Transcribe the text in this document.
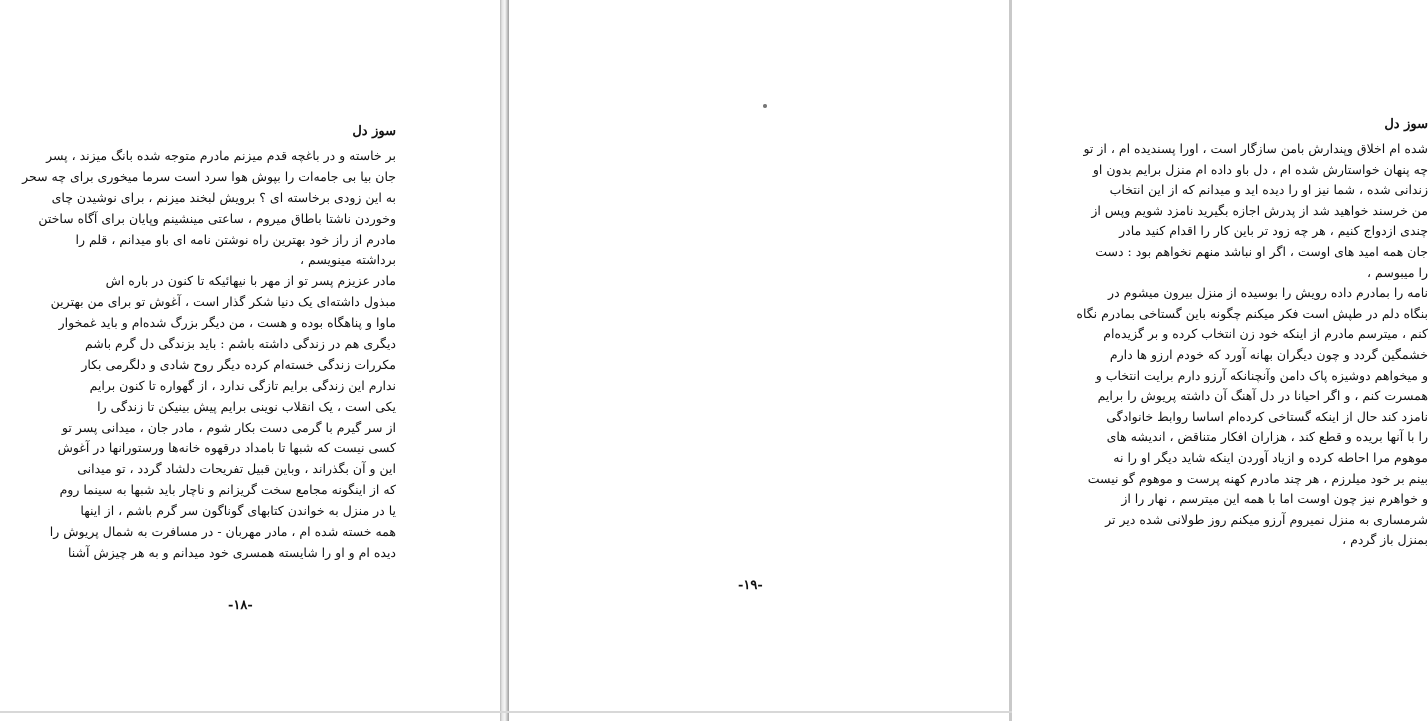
سوز دل
بر خاسته و در باغچه قدم میزنم مادرم متوجه شده بانگ میزند ، پسر
جان بیا بی جامه‌ات را بپوش هوا سرد است سرما میخوری برای چه سحر
به این زودی برخاسته ای ؟ برویش لبخند میزنم ، برای نوشیدن چای
وخوردن ناشتا باطاق میروم ، ساعتی مینشینم وپایان برای آگاه ساختن
مادرم از راز خود بهترین راه نوشتن نامه ای باو میدانم ، قلم را
برداشته مینویسم ،
مادر عزیزم پسر تو از مهر با نیهائیکه تا کنون در باره اش
مبذول داشته‌ای یک دنیا شکر گذار است ، آغوش تو برای من بهترین
ماوا و پناهگاه بوده و هست ، من دیگر بزرگ شده‌ام و باید غمخوار
دیگری هم در زندگی داشته باشم : باید بزندگی دل گرم باشم
مکررات زندگی خسته‌ام کرده دیگر روح شادی و دلگرمی بکار
ندارم این زندگی برایم تازگی ندارد ، از گهواره تا کنون برایم
یکی است ، یک انقلاب نوینی برایم پیش بینیکن تا زندگی را
از سر گیرم با گرمی دست بکار شوم ، مادر جان ، میدانی پسر تو
کسی نیست که شبها تا بامداد درقهوه خانه‌ها ورستورانها در آغوش
این و آن بگذراند ، وباین قبیل تفریحات دلشاد گردد ، تو میدانی
که از اینگونه مجامع سخت گریزانم و ناچار باید شبها به سینما روم
یا در منزل به خواندن کتابهای گوناگون سر گرم باشم ، از اینها
همه خسته شده ام ، مادر مهربان - در مسافرت به شمال پریوش را
دیده ام و او را شایسته همسری خود میدانم و به هر چیزش آشنا
-۱۸-
سوز دل
شده ام اخلاق وپندارش بامن سازگار است ، اورا پسندیده ام ، از تو
چه پنهان خواستارش شده ام ، دل باو داده ام منزل برایم بدون او
زندانی شده ، شما نیز او را دیده اید و میدانم که از این انتخاب
من خرسند خواهید شد از پدرش اجازه بگیرید نامزد شویم وپس از
چندی ازدواج کنیم ، هر چه زود تر باین کار را اقدام کنید مادر
جان همه امید های اوست ، اگر او نباشد منهم نخواهم بود : دست
را میبوسم ،
نامه را بمادرم داده رویش را بوسیده از منزل بیرون میشوم در
بنگاه دلم در طپش است فکر میکنم چگونه باین گستاخی بمادرم نگاه
کنم ، میترسم مادرم از اینکه خود زن انتخاب کرده و بر گزیده‌ام
خشمگین گردد و چون دیگران بهانه آورد که خودم ارزو ها دارم
و میخواهم دوشیزه پاک دامن وآنچنانکه آرزو دارم برایت انتخاب و
همسرت کنم ، و اگر احیانا در دل آهنگ آن داشته پریوش را برایم
نامزد کند حال از اینکه گستاخی کرده‌ام اساسا روابط خانوادگی
را با آنها بریده و قطع کند ، هزاران افکار متناقض ، اندیشه های
موهوم مرا احاطه کرده و ازیاد آوردن اینکه شاید دیگر او را نه
بینم بر خود میلرزم ، هر چند مادرم کهنه پرست و موهوم گو نیست
و خواهرم نیز چون اوست اما با همه این میترسم ، نهار را از
شرمساری به منزل نمیروم آرزو میکنم روز طولانی شده دیر تر
بمنزل باز گردم ،
-۱۹-
